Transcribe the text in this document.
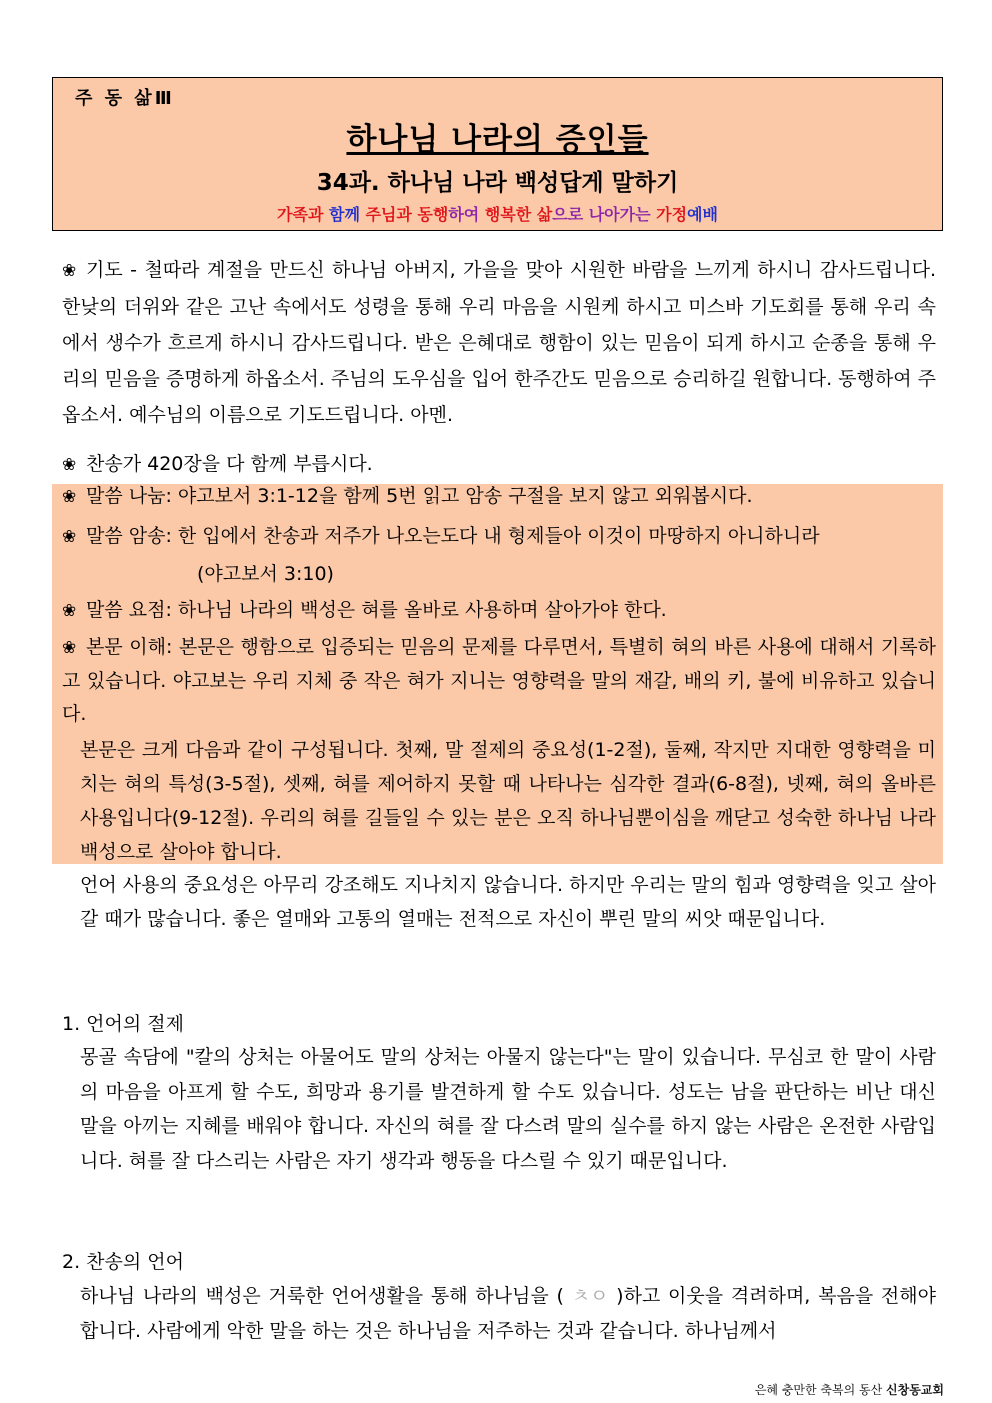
주 동 삶Ⅲ
하나님 나라의 증인들
34과. 하나님 나라 백성답게 말하기
가족과 함께 주님과 동행하여 행복한 삶으로 나아가는 가정예배

❀ 기도 - 철따라 계절을 만드신 하나님 아버지, 가을을 맞아 시원한 바람을 느끼게 하시니 감사드립니다. 한낮의 더위와 같은 고난 속에서도 성령을 통해 우리 마음을 시원케 하시고 미스바 기도회를 통해 우리 속에서 생수가 흐르게 하시니 감사드립니다. 받은 은혜대로 행함이 있는 믿음이 되게 하시고 순종을 통해 우리의 믿음을 증명하게 하옵소서. 주님의 도우심을 입어 한주간도 믿음으로 승리하길 원합니다. 동행하여 주옵소서. 예수님의 이름으로 기도드립니다. 아멘.

❀ 찬송가 420장을 다 함께 부릅시다.

❀ 말씀 나눔: 야고보서 3:1-12을 함께 5번 읽고 암송 구절을 보지 않고 외워봅시다.

❀ 말씀 암송: 한 입에서 찬송과 저주가 나오는도다 내 형제들아 이것이 마땅하지 아니하니라

(야고보서 3:10)

❀ 말씀 요점: 하나님 나라의 백성은 혀를 올바로 사용하며 살아가야 한다.

❀ 본문 이해: 본문은 행함으로 입증되는 믿음의 문제를 다루면서, 특별히 혀의 바른 사용에 대해서 기록하고 있습니다. 야고보는 우리 지체 중 작은 혀가 지니는 영향력을 말의 재갈, 배의 키, 불에 비유하고 있습니다.

본문은 크게 다음과 같이 구성됩니다. 첫째, 말 절제의 중요성(1-2절), 둘째, 작지만 지대한 영향력을 미치는 혀의 특성(3-5절), 셋째, 혀를 제어하지 못할 때 나타나는 심각한 결과(6-8절), 넷째, 혀의 올바른 사용입니다(9-12절). 우리의 혀를 길들일 수 있는 분은 오직 하나님뿐이심을 깨닫고 성숙한 하나님 나라 백성으로 살아야 합니다.

언어 사용의 중요성은 아무리 강조해도 지나치지 않습니다. 하지만 우리는 말의 힘과 영향력을 잊고 살아갈 때가 많습니다. 좋은 열매와 고통의 열매는 전적으로 자신이 뿌린 말의 씨앗 때문입니다.

1. 언어의 절제

몽골 속담에 "칼의 상처는 아물어도 말의 상처는 아물지 않는다"는 말이 있습니다. 무심코 한 말이 사람의 마음을 아프게 할 수도, 희망과 용기를 발견하게 할 수도 있습니다. 성도는 남을 판단하는 비난 대신 말을 아끼는 지혜를 배워야 합니다. 자신의 혀를 잘 다스려 말의 실수를 하지 않는 사람은 온전한 사람입니다. 혀를 잘 다스리는 사람은 자기 생각과 행동을 다스릴 수 있기 때문입니다.

2. 찬송의 언어

하나님 나라의 백성은 거룩한 언어생활을 통해 하나님을 ( ㅊㅇ )하고 이웃을 격려하며, 복음을 전해야 합니다. 사람에게 악한 말을 하는 것은 하나님을 저주하는 것과 같습니다. 하나님께서

은혜 충만한 축복의 동산 신창동교회
